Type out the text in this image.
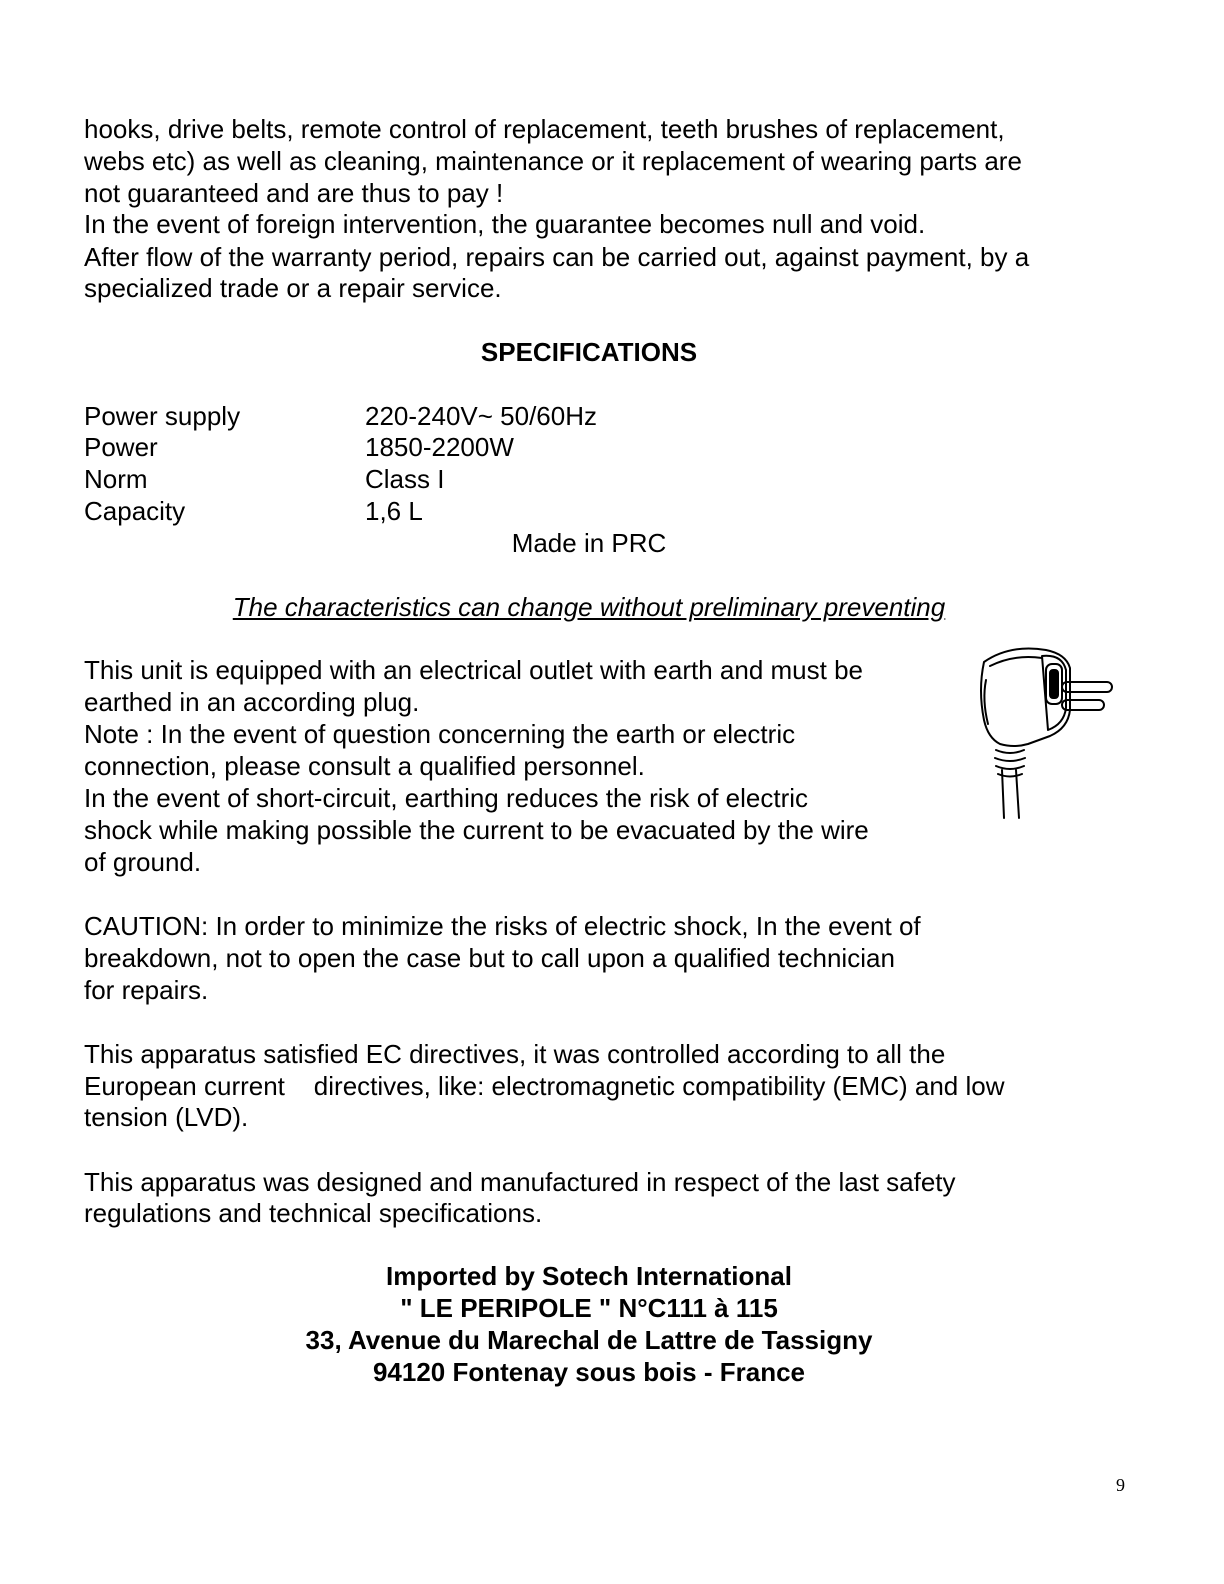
hooks, drive belts, remote control of replacement, teeth brushes of replacement,
webs etc) as well as cleaning, maintenance or it replacement of wearing parts are
not guaranteed and are thus to pay !
In the event of foreign intervention, the guarantee becomes null and void.
After flow of the warranty period, repairs can be carried out, against payment, by a
specialized trade or a repair service.
SPECIFICATIONS
Power supply	220-240V~ 50/60Hz
Power	1850-2200W
Norm	Class I
Capacity	1,6 L
Made in PRC
The characteristics can change without preliminary preventing
This unit is equipped with an electrical outlet with earth and must be
earthed in an according plug.
Note : In the event of question concerning the earth or electric
connection, please consult a qualified personnel.
In the event of short-circuit, earthing reduces the risk of electric
shock while making possible the current to be evacuated by the wire
of ground.
CAUTION: In order to minimize the risks of electric shock, In the event of
breakdown, not to open the case but to call upon a qualified technician
for repairs.
This apparatus satisfied EC directives, it was controlled according to all the
European current    directives, like: electromagnetic compatibility (EMC) and low
tension (LVD).
This apparatus was designed and manufactured in respect of the last safety
regulations and technical specifications.
Imported by Sotech International
" LE PERIPOLE " N°C111 à 115
33, Avenue du Marechal de Lattre de Tassigny
94120 Fontenay sous bois - France
9
